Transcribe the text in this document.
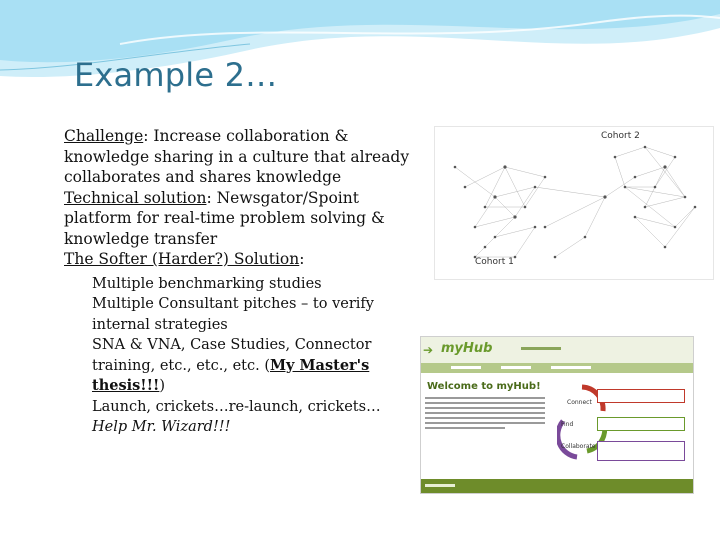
Example 2…

Challenge: Increase collaboration & knowledge sharing in a culture that already collaborates and shares knowledge

Technical solution: Newsgator/Spoint platform for real-time problem solving & knowledge transfer

The Softer (Harder?) Solution:

Multiple benchmarking studies

Multiple Consultant pitches – to verify internal strategies

SNA & VNA, Case Studies, Connector training, etc., etc., etc. (My Master's thesis!!!)

Launch, crickets…re-launch, crickets…

Help Mr. Wizard!!!

Cohort 2
Cohort 1
➔ myHub
Welcome to myHub!
Connect
Find
Collaborate
